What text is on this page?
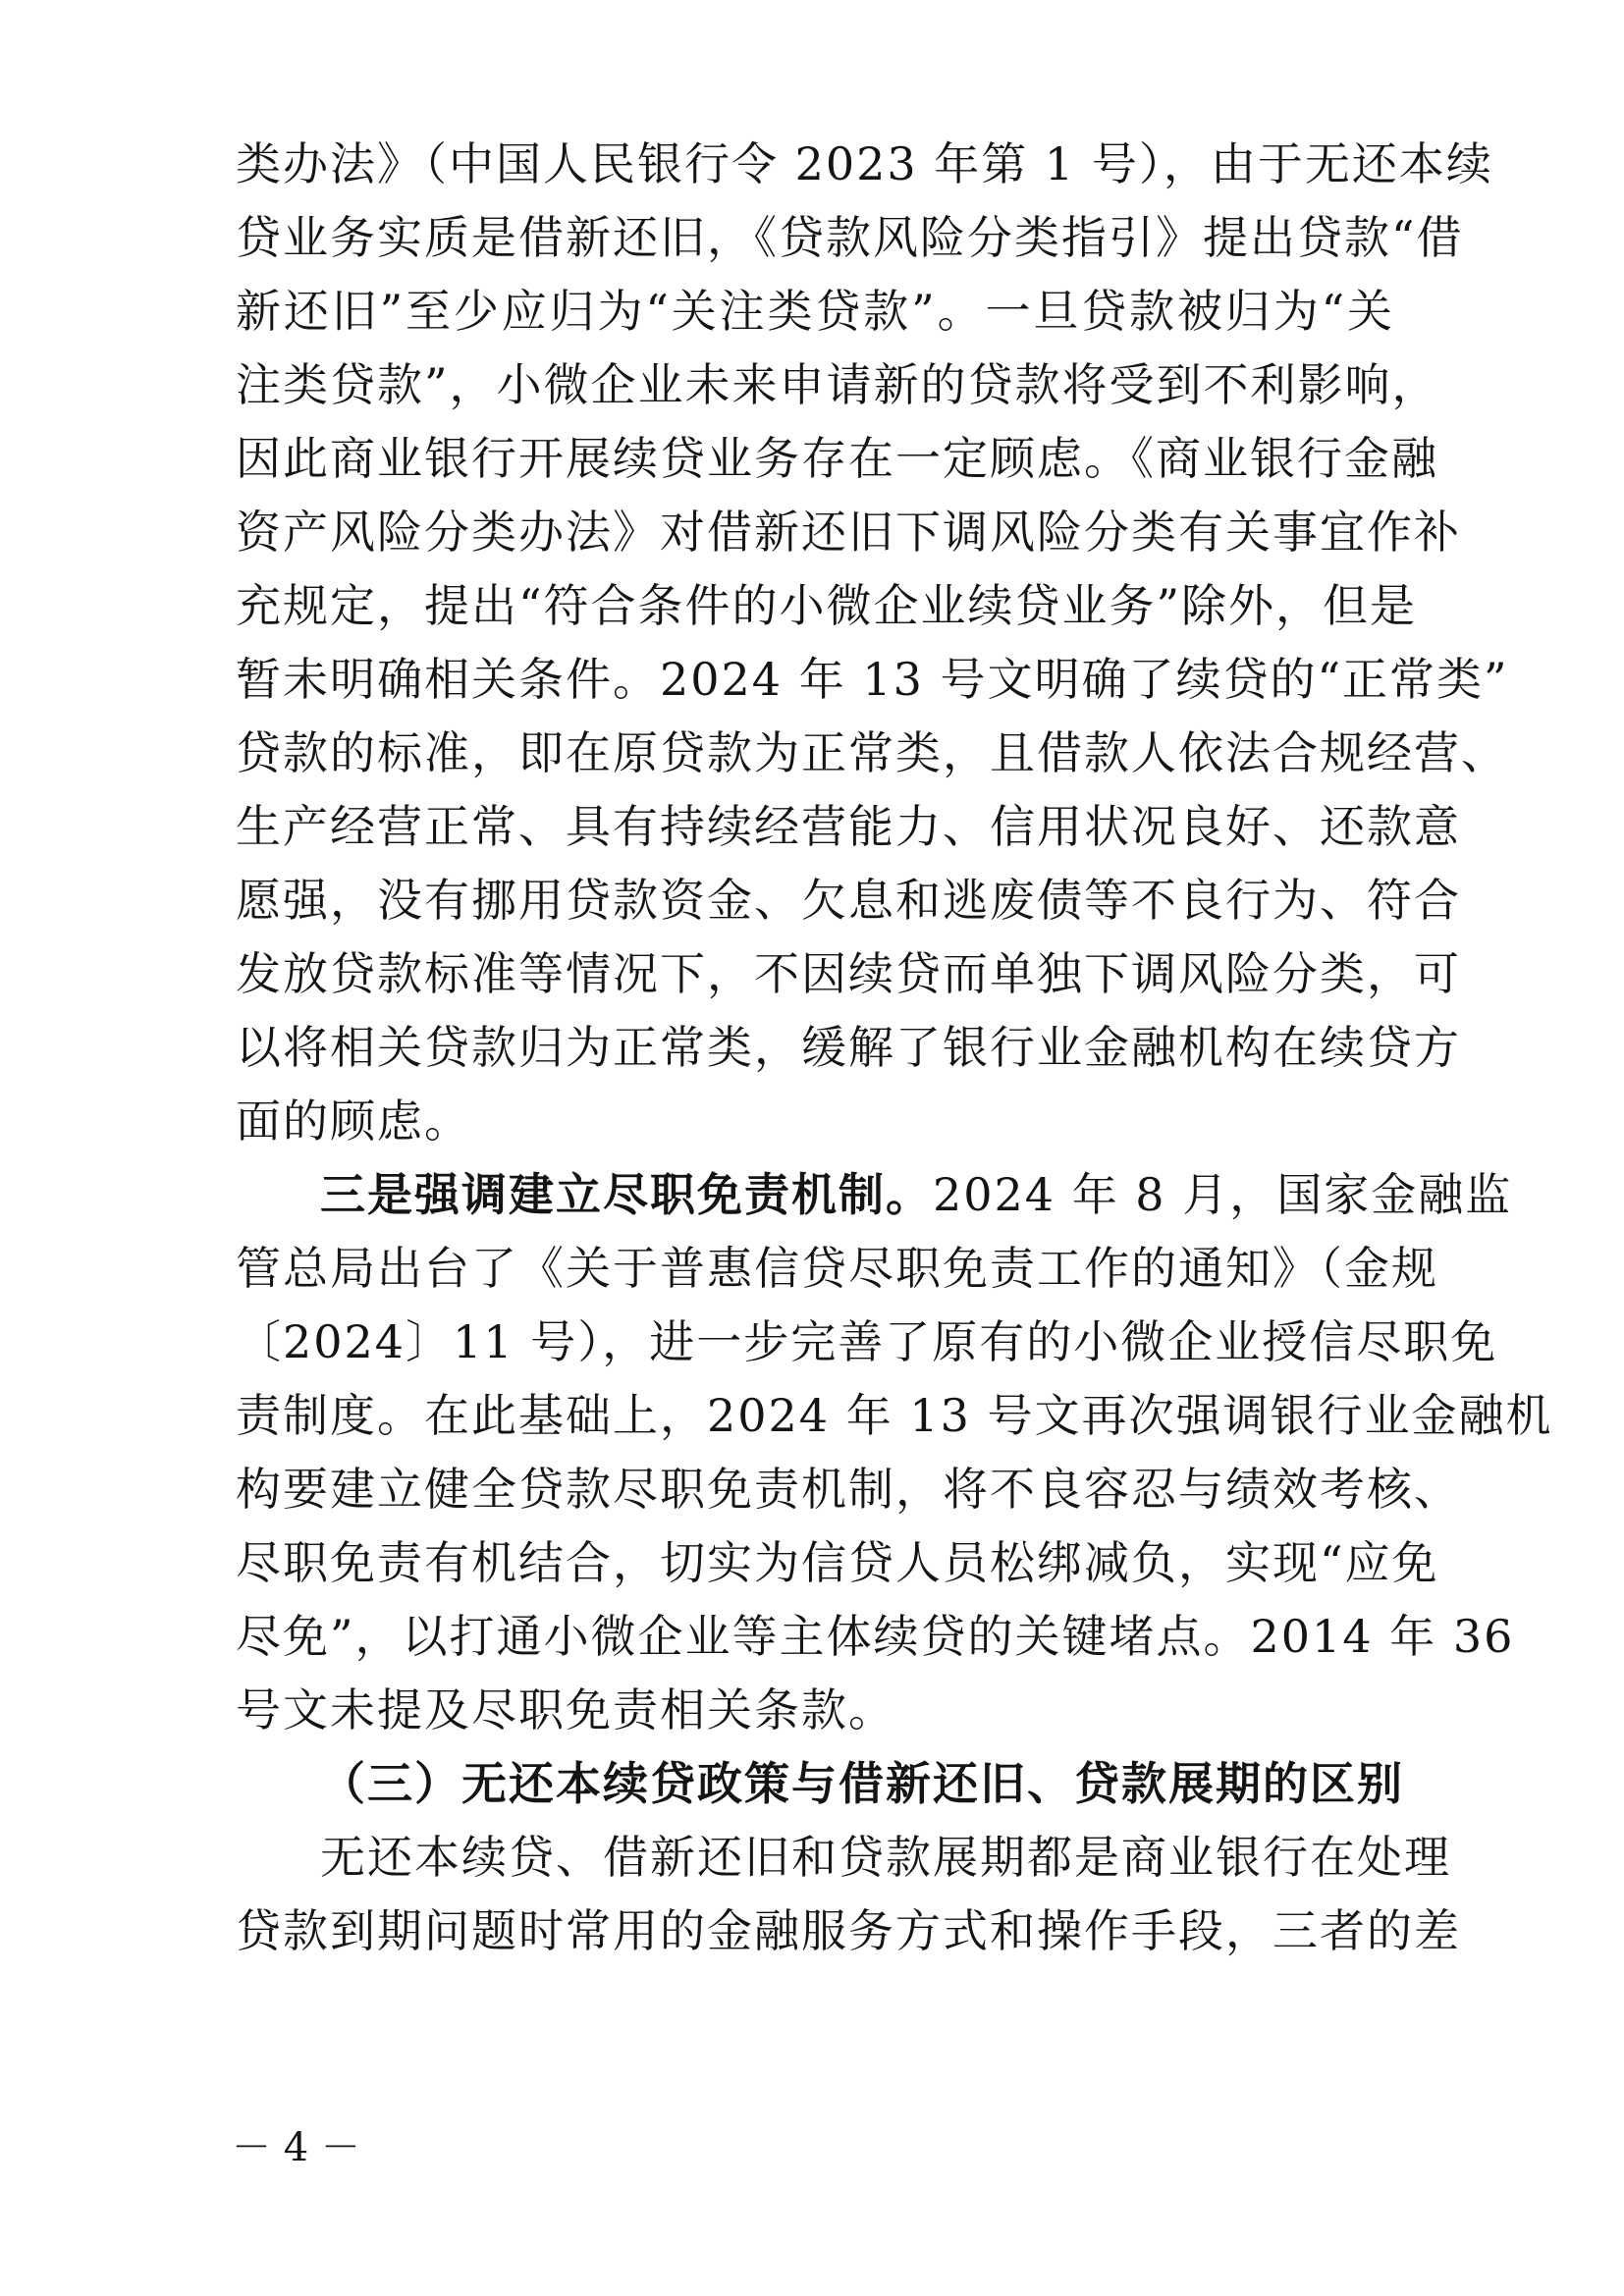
类办法》（中国人民银行令 2023 年第 1 号），由于无还本续
贷业务实质是借新还旧，《贷款风险分类指引》提出贷款“借
新还旧”至少应归为“关注类贷款”。一旦贷款被归为“关
注类贷款”，小微企业未来申请新的贷款将受到不利影响，
因此商业银行开展续贷业务存在一定顾虑。《商业银行金融
资产风险分类办法》对借新还旧下调风险分类有关事宜作补
充规定，提出“符合条件的小微企业续贷业务”除外，但是
暂未明确相关条件。2024 年 13 号文明确了续贷的“正常类”
贷款的标准，即在原贷款为正常类，且借款人依法合规经营、
生产经营正常、具有持续经营能力、信用状况良好、还款意
愿强，没有挪用贷款资金、欠息和逃废债等不良行为、符合
发放贷款标准等情况下，不因续贷而单独下调风险分类，可
以将相关贷款归为正常类，缓解了银行业金融机构在续贷方
面的顾虑。
三是强调建立尽职免责机制。2024 年 8 月，国家金融监
管总局出台了《关于普惠信贷尽职免责工作的通知》（金规
〔2024〕11 号），进一步完善了原有的小微企业授信尽职免
责制度。在此基础上，2024 年 13 号文再次强调银行业金融机
构要建立健全贷款尽职免责机制，将不良容忍与绩效考核、
尽职免责有机结合，切实为信贷人员松绑减负，实现“应免
尽免”，以打通小微企业等主体续贷的关键堵点。2014 年 36
号文未提及尽职免责相关条款。
（三）无还本续贷政策与借新还旧、贷款展期的区别
无还本续贷、借新还旧和贷款展期都是商业银行在处理
贷款到期问题时常用的金融服务方式和操作手段，三者的差
－ 4 －
